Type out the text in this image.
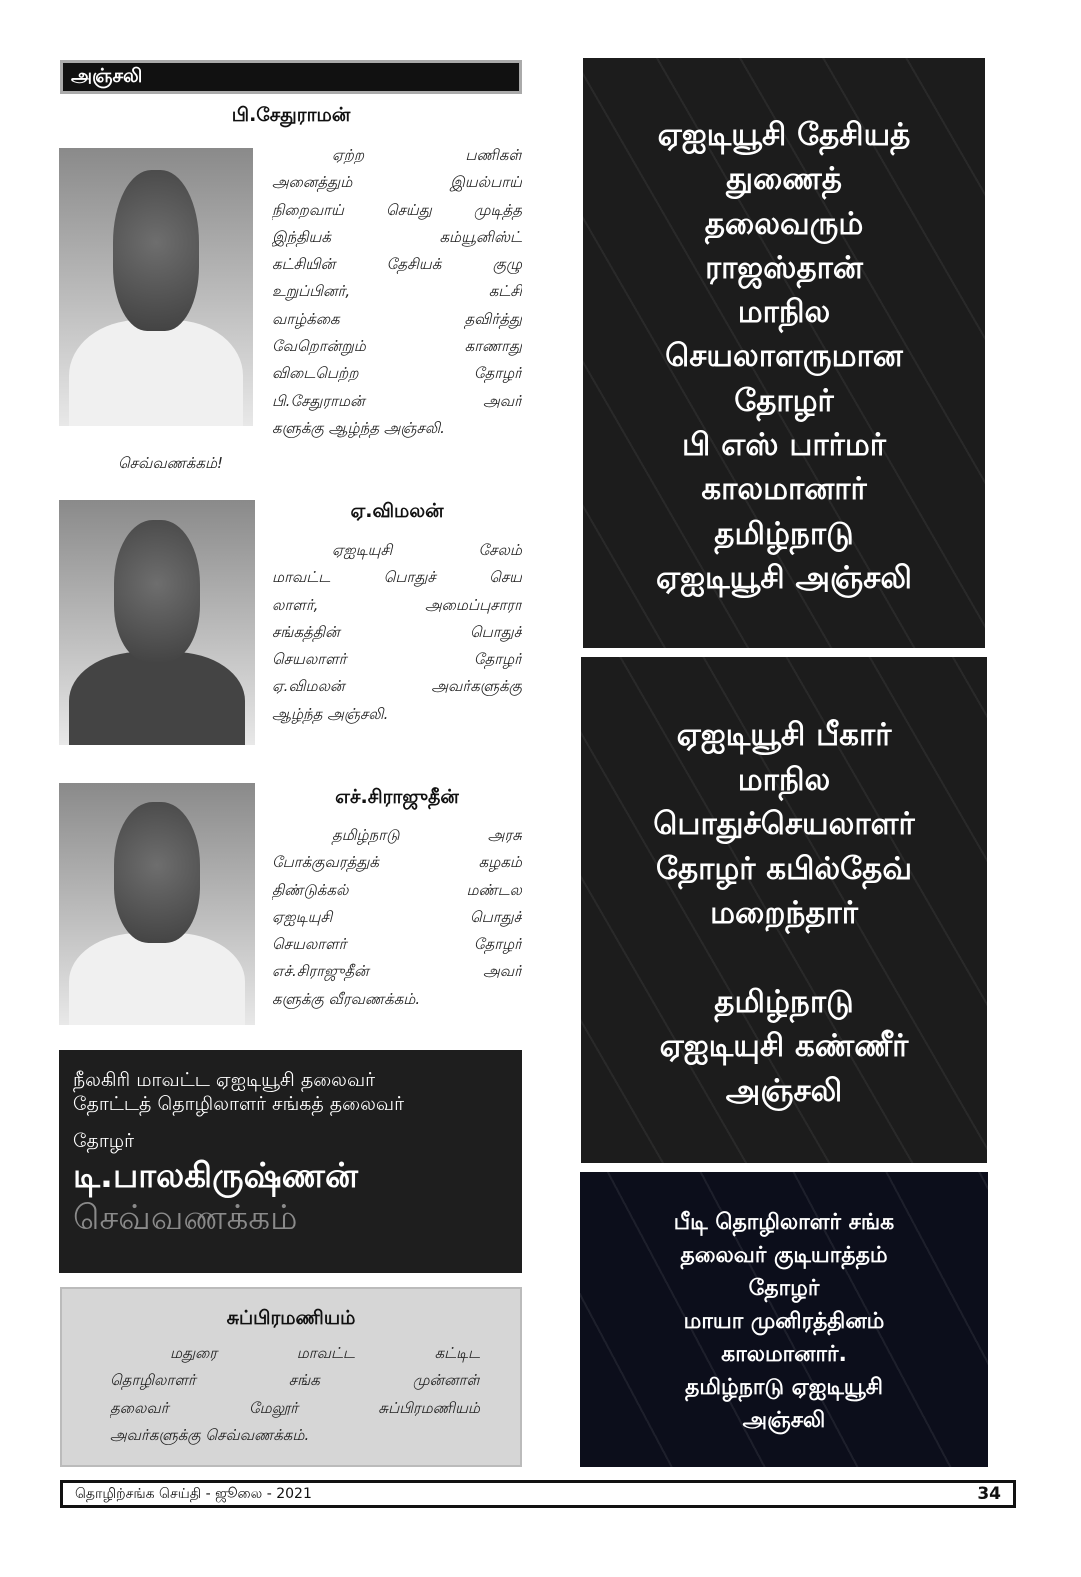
அஞ்சலி
பி.சேதுராமன்
ஏற்ற பணிகள்
அனைத்தும் இயல்பாய்
நிறைவாய் செய்து முடித்த
இந்தியக் கம்யூனிஸ்ட்
கட்சியின் தேசியக் குழு
உறுப்பினர், கட்சி
வாழ்க்கை தவிர்த்து
வேறொன்றும் காணாது
விடைபெற்ற தோழர்
பி.சேதுராமன் அவர்
களுக்கு ஆழ்ந்த அஞ்சலி.
செவ்வணக்கம்!
ஏ.விமலன்
ஏஐடியுசி சேலம்
மாவட்ட பொதுச் செய
லாளர், அமைப்புசாரா
சங்கத்தின் பொதுச்
செயலாளர் தோழர்
ஏ.விமலன் அவர்களுக்கு
ஆழ்ந்த அஞ்சலி.
எச்.சிராஜுதீன்
தமிழ்நாடு அரசு
போக்குவரத்துக் கழகம்
திண்டுக்கல் மண்டல
ஏஐடியுசி பொதுச்
செயலாளர் தோழர்
எச்.சிராஜுதீன் அவர்
களுக்கு வீரவணக்கம்.
நீலகிரி மாவட்ட ஏஐடியூசி தலைவர்
தோட்டத் தொழிலாளர் சங்கத் தலைவர்
தோழர்
டி.பாலகிருஷ்ணன்
செவ்வணக்கம்
சுப்பிரமணியம்
மதுரை மாவட்ட கட்டிட
தொழிலாளர் சங்க முன்னாள்
தலைவர் மேலூர் சுப்பிரமணியம்
அவர்களுக்கு செவ்வணக்கம்.
ஏஐடியூசி தேசியத்
துணைத்
தலைவரும்
ராஜஸ்தான்
மாநில
செயலாளருமான
தோழர்
பி எஸ் பார்மர்
காலமானார்
தமிழ்நாடு
ஏஐடியூசி அஞ்சலி
ஏஐடியூசி பீகார்
மாநில
பொதுச்செயலாளர்
தோழர் கபில்தேவ்
மறைந்தார்
தமிழ்நாடு
ஏஐடியுசி கண்ணீர்
அஞ்சலி
பீடி தொழிலாளர் சங்க
தலைவர் குடியாத்தம்
தோழர்
மாயா முனிரத்தினம்
காலமானார்.
தமிழ்நாடு ஏஐடியூசி
அஞ்சலி
தொழிற்சங்க செய்தி - ஜூலை - 2021	34
